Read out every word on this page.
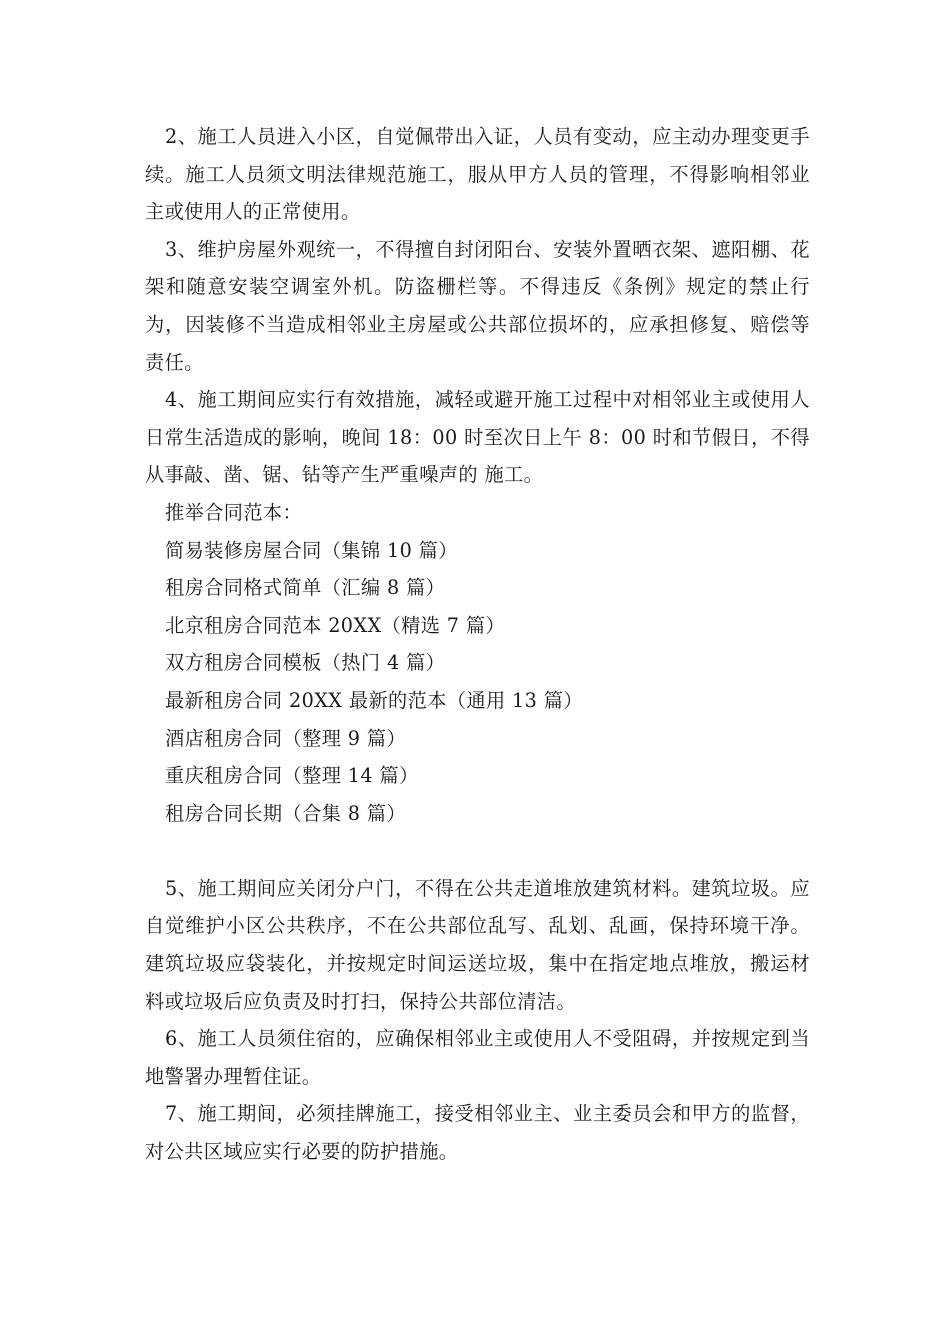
2、施工人员进入小区，自觉佩带出入证，人员有变动，应主动办理变更手续。施工人员须文明法律规范施工，服从甲方人员的管理，不得影响相邻业主或使用人的正常使用。

3、维护房屋外观统一，不得擅自封闭阳台、安装外置晒衣架、遮阳棚、花架和随意安装空调室外机。防盗栅栏等。不得违反《条例》规定的禁止行为，因装修不当造成相邻业主房屋或公共部位损坏的，应承担修复、赔偿等责任。

4、施工期间应实行有效措施，减轻或避开施工过程中对相邻业主或使用人日常生活造成的影响，晚间 18：00 时至次日上午 8：00 时和节假日，不得从事敲、凿、锯、钻等产生严重噪声的 施工。

推举合同范本：
简易装修房屋合同（集锦 10 篇）
租房合同格式简单（汇编 8 篇）
北京租房合同范本 20XX（精选 7 篇）
双方租房合同模板（热门 4 篇）
最新租房合同 20XX 最新的范本（通用 13 篇）
酒店租房合同（整理 9 篇）
重庆租房合同（整理 14 篇）
租房合同长期（合集 8 篇）

5、施工期间应关闭分户门，不得在公共走道堆放建筑材料。建筑垃圾。应自觉维护小区公共秩序，不在公共部位乱写、乱划、乱画，保持环境干净。建筑垃圾应袋装化，并按规定时间运送垃圾，集中在指定地点堆放，搬运材料或垃圾后应负责及时打扫，保持公共部位清洁。

6、施工人员须住宿的，应确保相邻业主或使用人不受阻碍，并按规定到当地警署办理暂住证。

7、施工期间，必须挂牌施工，接受相邻业主、业主委员会和甲方的监督，对公共区域应实行必要的防护措施。
